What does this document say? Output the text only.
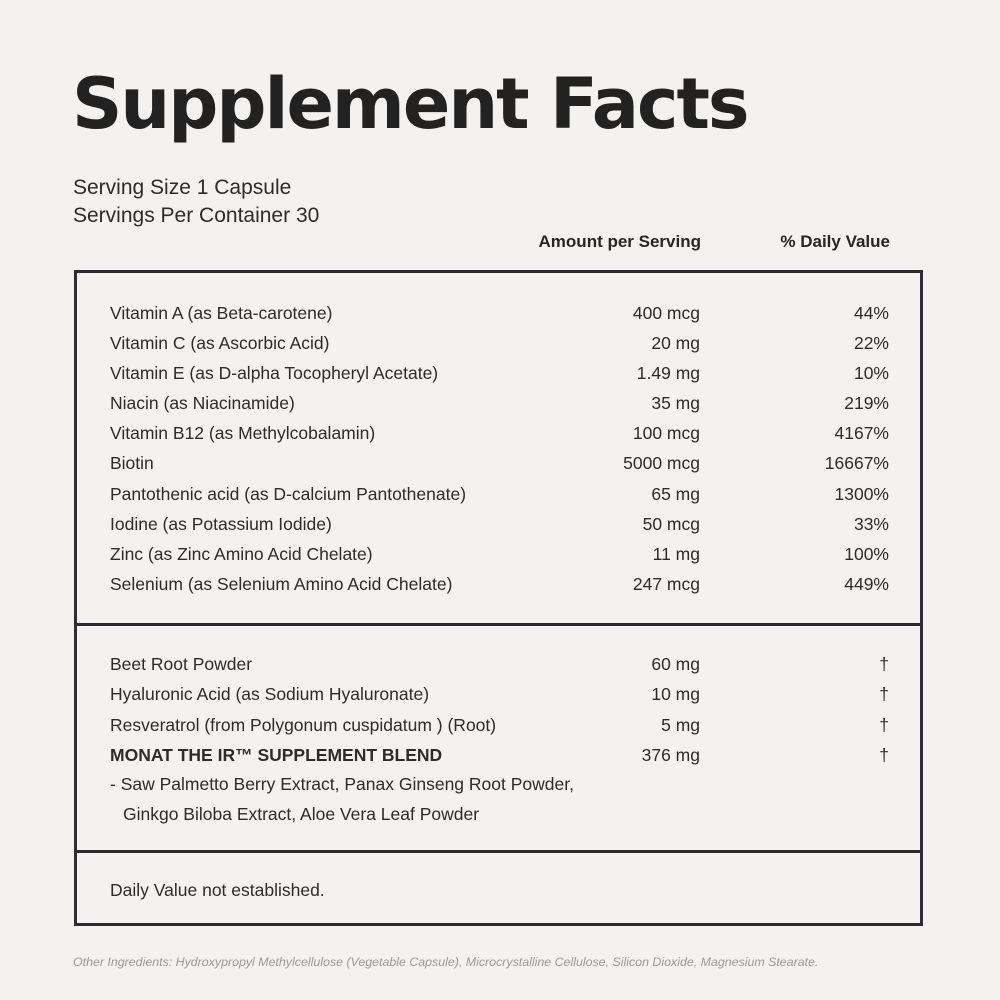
Supplement Facts
Serving Size 1 Capsule
Servings Per Container 30
Amount per Serving	% Daily Value
Vitamin A (as Beta-carotene)	400 mcg	44%
Vitamin C (as Ascorbic Acid)	20 mg	22%
Vitamin E (as D-alpha Tocopheryl Acetate)	1.49 mg	10%
Niacin (as Niacinamide)	35 mg	219%
Vitamin B12 (as Methylcobalamin)	100 mcg	4167%
Biotin	5000 mcg	16667%
Pantothenic acid (as D-calcium Pantothenate)	65 mg	1300%
Iodine (as Potassium Iodide)	50 mcg	33%
Zinc (as Zinc Amino Acid Chelate)	11 mg	100%
Selenium (as Selenium Amino Acid Chelate)	247 mcg	449%
Beet Root Powder	60 mg	†
Hyaluronic Acid (as Sodium Hyaluronate)	10 mg	†
Resveratrol (from Polygonum cuspidatum ) (Root)	5 mg	†
MONAT THE IR™ SUPPLEMENT BLEND	376 mg	†
- Saw Palmetto Berry Extract, Panax Ginseng Root Powder,
Ginkgo Biloba Extract, Aloe Vera Leaf Powder
Daily Value not established.
Other Ingredients: Hydroxypropyl Methylcellulose (Vegetable Capsule), Microcrystalline Cellulose, Silicon Dioxide, Magnesium Stearate.
